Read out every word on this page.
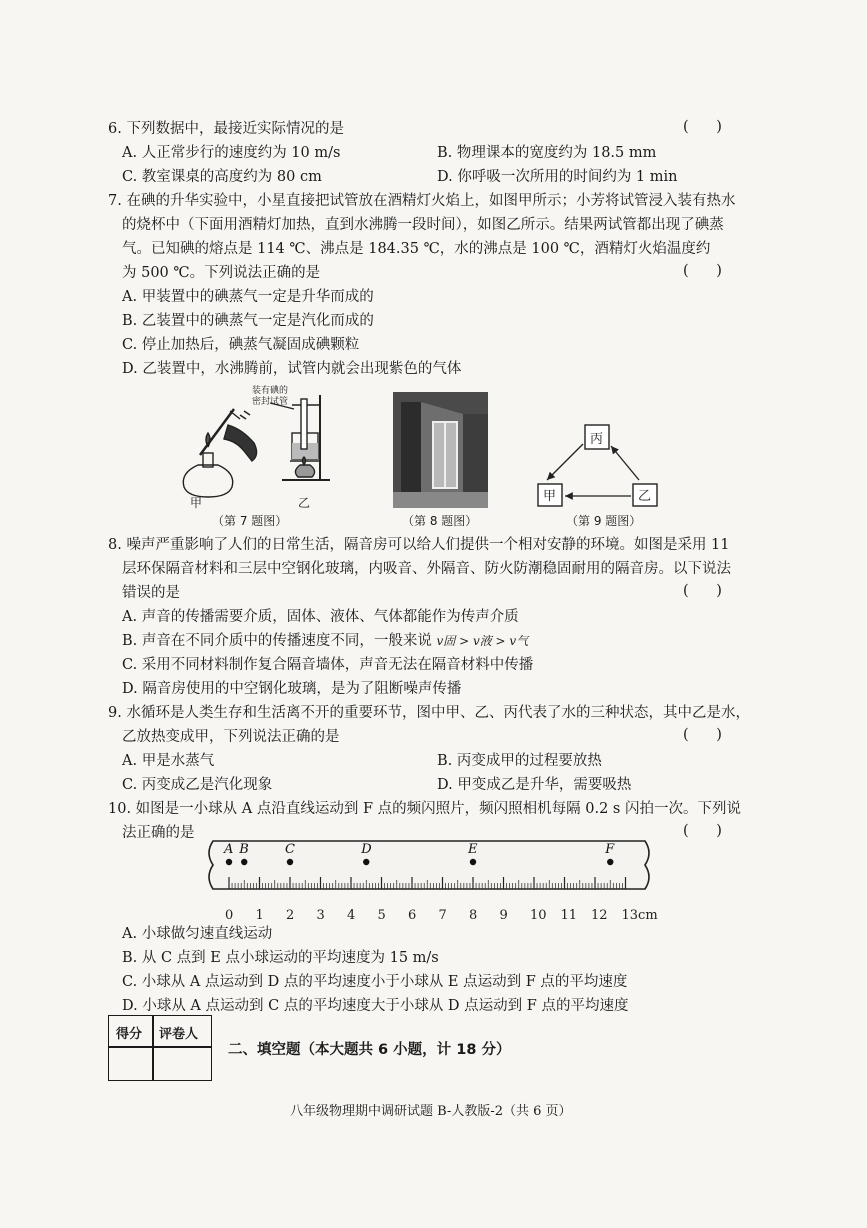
6. 下列数据中，最接近实际情况的是	(      )
A. 人正常步行的速度约为 10 m/s	B. 物理课本的宽度约为 18.5 mm
C. 教室课桌的高度约为 80 cm	D. 你呼吸一次所用的时间约为 1 min
7. 在碘的升华实验中，小星直接把试管放在酒精灯火焰上，如图甲所示；小芳将试管浸入装有热水
的烧杯中（下面用酒精灯加热，直到水沸腾一段时间），如图乙所示。结果两试管都出现了碘蒸
气。已知碘的熔点是 114 ℃、沸点是 184.35 ℃，水的沸点是 100 ℃，酒精灯火焰温度约
为 500 ℃。下列说法正确的是	(      )
A. 甲装置中的碘蒸气一定是升华而成的
B. 乙装置中的碘蒸气一定是汽化而成的
C. 停止加热后，碘蒸气凝固成碘颗粒
D. 乙装置中，水沸腾前，试管内就会出现紫色的气体
装有碘的
密封试管
甲	乙
（第 7 题图）	（第 8 题图）
丙
甲	乙
（第 9 题图）
8. 噪声严重影响了人们的日常生活，隔音房可以给人们提供一个相对安静的环境。如图是采用 11
层环保隔音材料和三层中空钢化玻璃，内吸音、外隔音、防火防潮稳固耐用的隔音房。以下说法
错误的是	(      )
A. 声音的传播需要介质，固体、液体、气体都能作为传声介质
B. 声音在不同介质中的传播速度不同，一般来说 v固 > v液 > v气
C. 采用不同材料制作复合隔音墙体，声音无法在隔音材料中传播
D. 隔音房使用的中空钢化玻璃，是为了阻断噪声传播
9. 水循环是人类生存和生活离不开的重要环节，图中甲、乙、丙代表了水的三种状态，其中乙是水，
乙放热变成甲，下列说法正确的是	(      )
A. 甲是水蒸气	B. 丙变成甲的过程要放热
C. 丙变成乙是汽化现象	D. 甲变成乙是升华，需要吸热
10. 如图是一小球从 A 点沿直线运动到 F 点的频闪照片，频闪照相机每隔 0.2 s 闪拍一次。下列说
法正确的是	(      )
A B	C	D	E	F
0 1 2 3 4 5 6 7 8 9 10 11 12 13cm
A. 小球做匀速直线运动
B. 从 C 点到 E 点小球运动的平均速度为 15 m/s
C. 小球从 A 点运动到 D 点的平均速度小于小球从 E 点运动到 F 点的平均速度
D. 小球从 A 点运动到 C 点的平均速度大于小球从 D 点运动到 F 点的平均速度
得分 评卷人
二、填空题（本大题共 6 小题，计 18 分）
八年级物理期中调研试题 B-人教版-2（共 6 页）
